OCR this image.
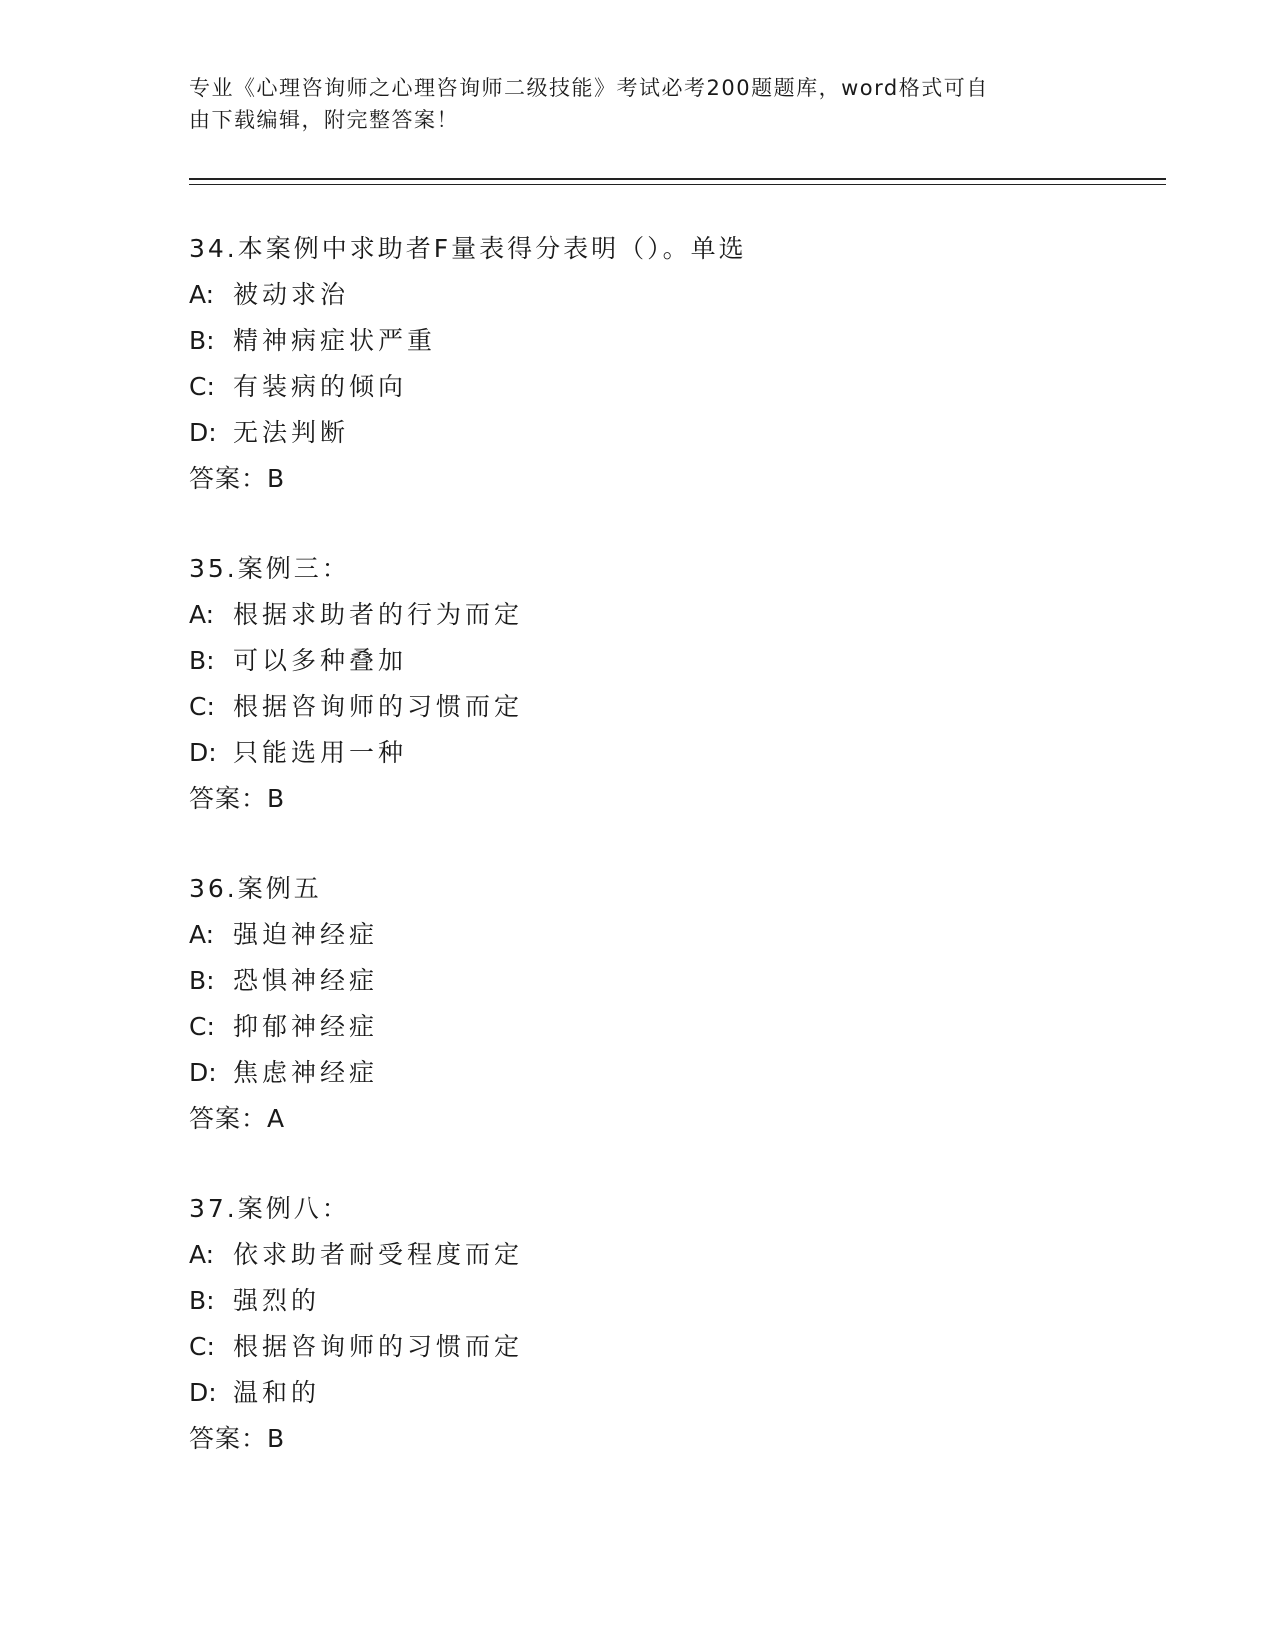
专业《心理咨询师之心理咨询师二级技能》考试必考200题题库，word格式可自
由下载编辑，附完整答案！
34.本案例中求助者F量表得分表明（）。单选
A: 被动求治
B: 精神病症状严重
C: 有装病的倾向
D: 无法判断
答案：B
35.案例三：
A: 根据求助者的行为而定
B: 可以多种叠加
C: 根据咨询师的习惯而定
D: 只能选用一种
答案：B
36.案例五
A: 强迫神经症
B: 恐惧神经症
C: 抑郁神经症
D: 焦虑神经症
答案：A
37.案例八：
A: 依求助者耐受程度而定
B: 强烈的
C: 根据咨询师的习惯而定
D: 温和的
答案：B
